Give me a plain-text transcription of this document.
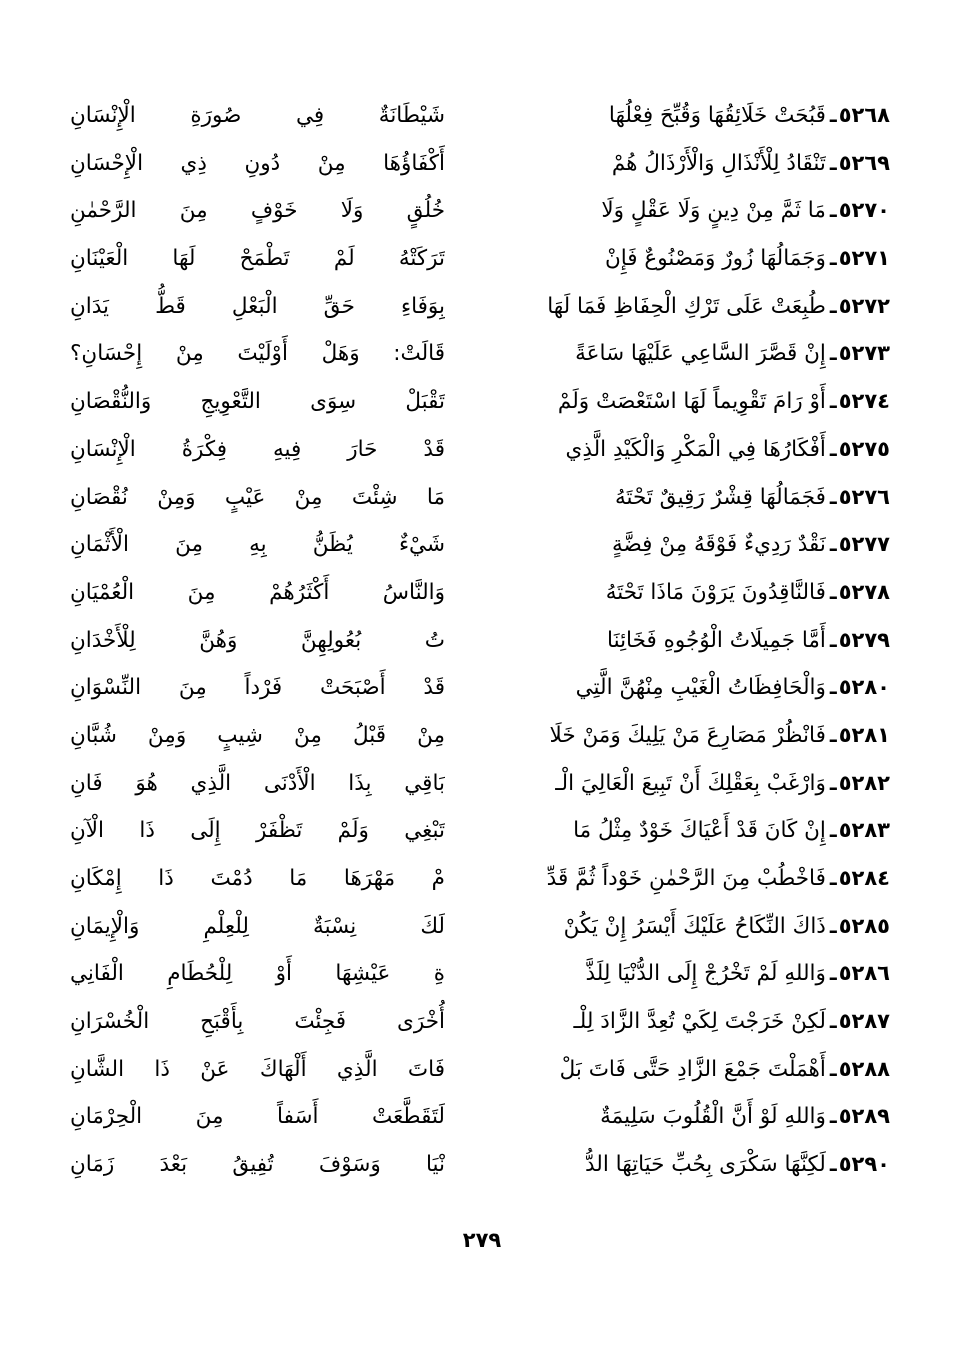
٥٢٦٨
ـ
قَبُحَتْ خَلَائِقُهَا وَقُبِّحَ فِعْلُهَا
شَيْطَانَةٌ فِي صُورَةِ الْإِنْسَانِ
٥٢٦٩
ـ
تَنْقَادُ لِلْأَنْذَالِ وَالْأَرْذَالُ هُمْ
أَكْفَاؤُهَا مِنْ دُونِ ذِي الْإِحْسَانِ
٥٢٧٠
ـ
مَا ثَمَّ مِنْ دِينٍ وَلَا عَقْلٍ وَلَا
خُلُقٍ وَلَا خَوْفٍ مِنَ الرَّحْمٰنِ
٥٢٧١
ـ
وَجَمَالُهَا زُورٌ وَمَصْنُوعٌ فَإِنْ
تَرَكَتْهُ لَمْ تَطْمَحْ لَهَا الْعَيْنَانِ
٥٢٧٢
ـ
طُبِعَتْ عَلَى تَرْكِ الْحِفَاظِ فَمَا لَهَا
بِوَفَاءِ حَقِّ الْبَعْلِ قَطُّ يَدَانِ
٥٢٧٣
ـ
إِنْ قَصَّرَ السَّاعِي عَلَيْهَا سَاعَةً
قَالَتْ: وَهَلْ أَوْلَيْتَ مِنْ إِحْسَانِ؟
٥٢٧٤
ـ
أَوْ رَامَ تَقْوِيماً لَهَا اسْتَعْصَتْ وَلَمْ
تَقْبَلْ سِوَى التَّعْوِيجِ وَالنُّقْصَانِ
٥٢٧٥
ـ
أَفْكَارُهَا فِي الْمَكْرِ وَالْكَيْدِ الَّذِي
قَدْ حَارَ فِيهِ فِكْرَةُ الْإِنْسَانِ
٥٢٧٦
ـ
فَجَمَالُهَا قِشْرٌ رَقِيقٌ تَحْتَهُ
مَا شِئْتَ مِنْ عَيْبٍ وَمِنْ نُقْصَانِ
٥٢٧٧
ـ
نَقْدٌ رَدِيءٌ فَوْقَهُ مِنْ فِضَّةٍ
شَيْءٌ يُظَنُّ بِهِ مِنَ الْأَثْمَانِ
٥٢٧٨
ـ
فَالنَّاقِدُونَ يَرَوْنَ مَاذَا تَحْتَهُ
وَالنَّاسُ أَكْثَرُهُمْ مِنَ الْعُمْيَانِ
٥٢٧٩
ـ
أَمَّا جَمِيلَاتُ الْوُجُوهِ فَخَائِنَا
تُ بُعُولِهِنَّ وَهُنَّ لِلْأَخْدَانِ
٥٢٨٠
ـ
وَالْحَافِظَاتُ الْغَيْبِ مِنْهُنَّ الَّتِي
قَدْ أَصْبَحَتْ فَرْداً مِنَ النِّسْوَانِ
٥٢٨١
ـ
فَانْظُرْ مَصَارِعَ مَنْ يَلِيكَ وَمَنْ خَلَا
مِنْ قَبْلُ مِنْ شِيبٍ وَمِنْ شُبَّانِ
٥٢٨٢
ـ
وَارْغَبْ بِعَقْلِكَ أَنْ تَبِيعَ الْعَالِيَ الْـ
بَاقِي بِذَا الْأَدْنَى الَّذِي هُوَ فَانِ
٥٢٨٣
ـ
إِنْ كَانَ قَدْ أَعْيَاكَ خَوْدٌ مِثْلُ مَا
تَبْغِي وَلَمْ تَظْفَرْ إِلَى ذَا الْآنِ
٥٢٨٤
ـ
فَاخْطُبْ مِنَ الرَّحْمٰنِ خَوْداً ثُمَّ قَدِّ
مْ مَهْرَهَا مَا دُمْتَ ذَا إِمْكَانِ
٥٢٨٥
ـ
ذَاكَ النِّكَاحُ عَلَيْكَ أَيْسَرُ إِنْ يَكُنْ
لَكَ نِسْبَةٌ لِلْعِلْمِ وَالْإِيمَانِ
٥٢٨٦
ـ
وَاللهِ لَمْ تَخْرُجْ إِلَى الدُّنْيَا لِلَذَّ
ةِ عَيْشِهَا أَوْ لِلْحُطَامِ الْفَانِي
٥٢٨٧
ـ
لَكِنْ خَرَجْتَ لِكَيْ تُعِدَّ الزَّادَ لِلْـ
أُخْرَى فَجِئْتَ بِأَقْبَحِ الْخُسْرَانِ
٥٢٨٨
ـ
أَهْمَلْتَ جَمْعَ الزَّادِ حَتَّى فَاتَ بَلْ
فَاتَ الَّذِي أَلْهَاكَ عَنْ ذَا الشَّانِ
٥٢٨٩
ـ
وَاللهِ لَوْ أَنَّ الْقُلُوبَ سَلِيمَةٌ
لَتَقَطَّعَتْ أَسَفاً مِنَ الْحِرْمَانِ
٥٢٩٠
ـ
لَكِنَّهَا سَكْرَى بِحُبِّ حَيَاتِهَا الدُّ
نْيَا وَسَوْفَ تُفِيقُ بَعْدَ زَمَانِ
٢٧٩
